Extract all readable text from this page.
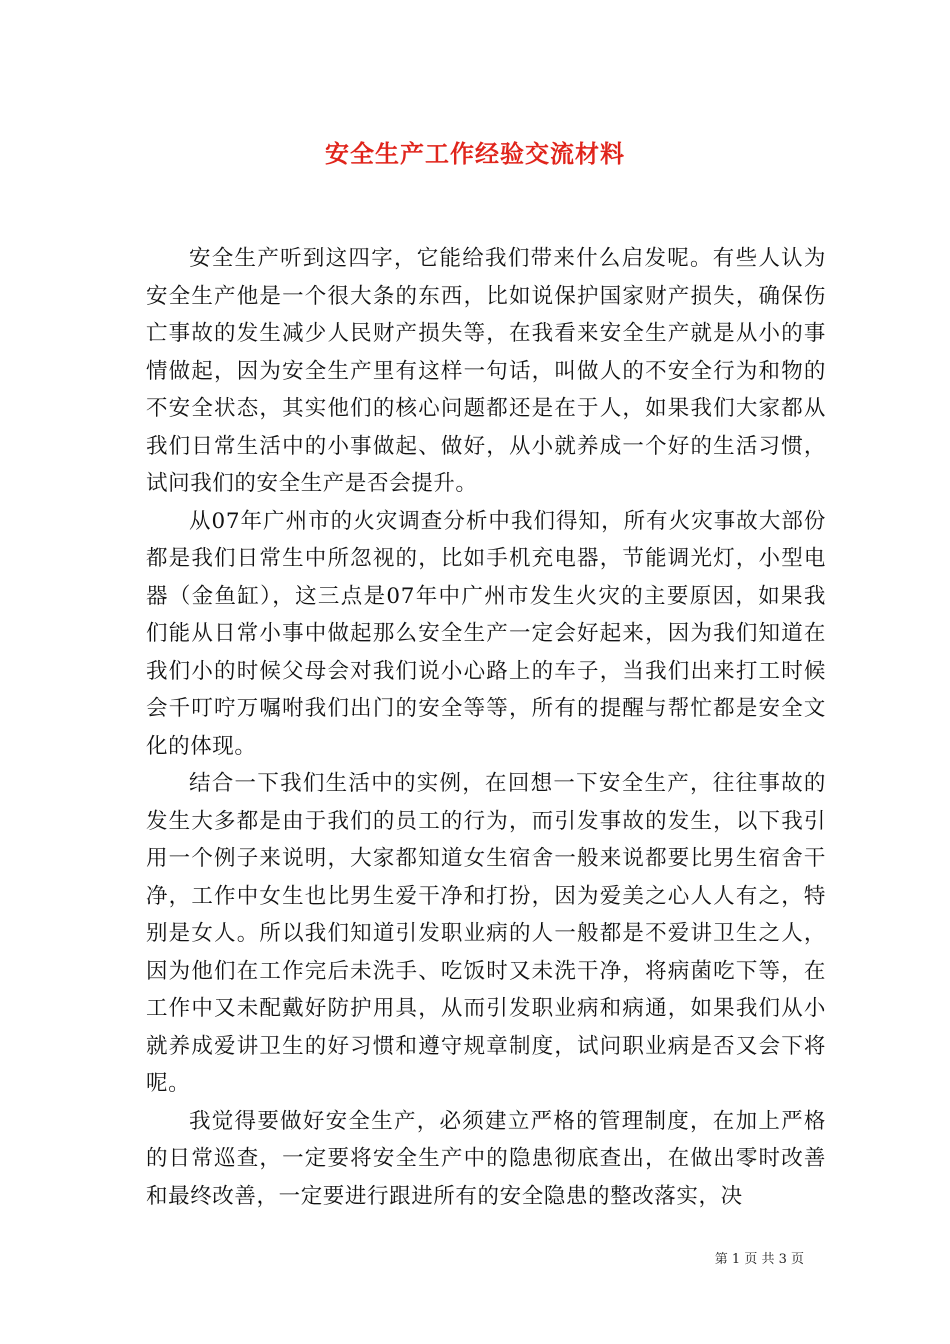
安全生产工作经验交流材料

安全生产听到这四字，它能给我们带来什么启发呢。有些人认为安全生产他是一个很大条的东西，比如说保护国家财产损失，确保伤亡事故的发生减少人民财产损失等，在我看来安全生产就是从小的事情做起，因为安全生产里有这样一句话，叫做人的不安全行为和物的不安全状态，其实他们的核心问题都还是在于人，如果我们大家都从我们日常生活中的小事做起、做好，从小就养成一个好的生活习惯，试问我们的安全生产是否会提升。

从07年广州市的火灾调查分析中我们得知，所有火灾事故大部份都是我们日常生中所忽视的，比如手机充电器，节能调光灯，小型电器（金鱼缸），这三点是07年中广州市发生火灾的主要原因，如果我们能从日常小事中做起那么安全生产一定会好起来，因为我们知道在我们小的时候父母会对我们说小心路上的车子，当我们出来打工时候会千叮咛万嘱咐我们出门的安全等等，所有的提醒与帮忙都是安全文化的体现。

结合一下我们生活中的实例，在回想一下安全生产，往往事故的发生大多都是由于我们的员工的行为，而引发事故的发生，以下我引用一个例子来说明，大家都知道女生宿舍一般来说都要比男生宿舍干净，工作中女生也比男生爱干净和打扮，因为爱美之心人人有之，特别是女人。所以我们知道引发职业病的人一般都是不爱讲卫生之人，因为他们在工作完后未洗手、吃饭时又未洗干净，将病菌吃下等，在工作中又未配戴好防护用具，从而引发职业病和病通，如果我们从小就养成爱讲卫生的好习惯和遵守规章制度，试问职业病是否又会下将呢。

我觉得要做好安全生产，必须建立严格的管理制度，在加上严格的日常巡查，一定要将安全生产中的隐患彻底查出，在做出零时改善和最终改善，一定要进行跟进所有的安全隐患的整改落实，决

第 1 页 共 3 页
